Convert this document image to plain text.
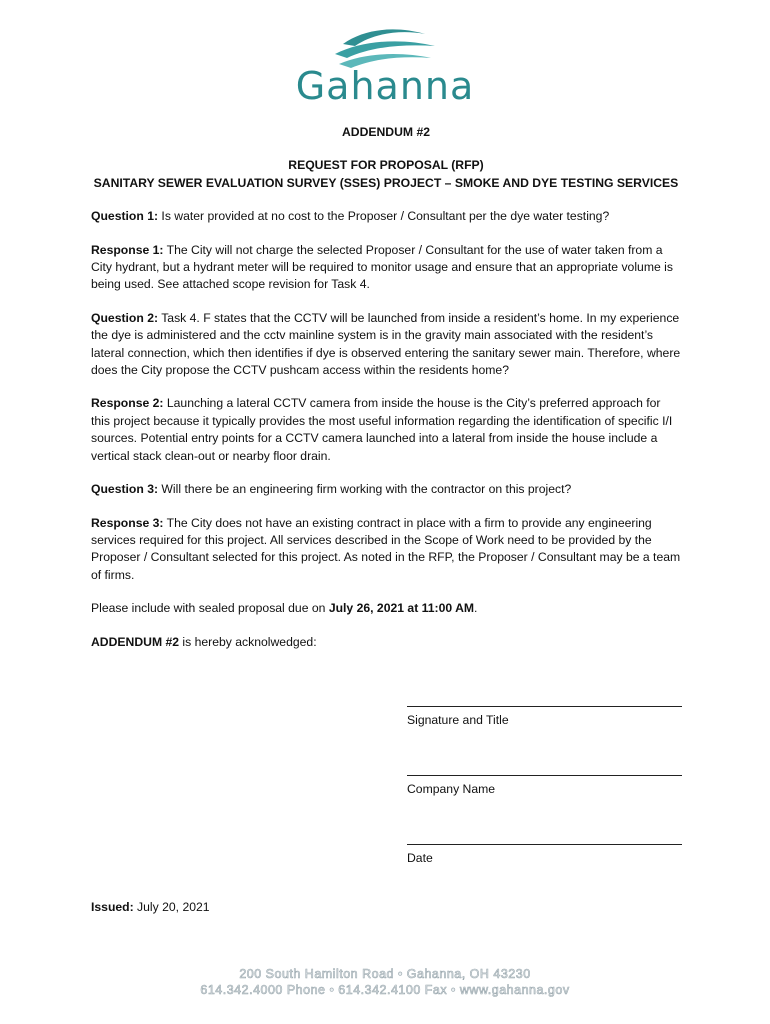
Gahanna

ADDENDUM #2

REQUEST FOR PROPOSAL (RFP)

SANITARY SEWER EVALUATION SURVEY (SSES) PROJECT – SMOKE AND DYE TESTING SERVICES

Question 1: Is water provided at no cost to the Proposer / Consultant per the dye water testing?

Response 1: The City will not charge the selected Proposer / Consultant for the use of water taken from a City hydrant, but a hydrant meter will be required to monitor usage and ensure that an appropriate volume is being used. See attached scope revision for Task 4.

Question 2: Task 4. F states that the CCTV will be launched from inside a resident’s home. In my experience the dye is administered and the cctv mainline system is in the gravity main associated with the resident’s lateral connection, which then identifies if dye is observed entering the sanitary sewer main. Therefore, where does the City propose the CCTV pushcam access within the residents home?

Response 2: Launching a lateral CCTV camera from inside the house is the City’s preferred approach for this project because it typically provides the most useful information regarding the identification of specific I/I sources. Potential entry points for a CCTV camera launched into a lateral from inside the house include a vertical stack clean-out or nearby floor drain.

Question 3: Will there be an engineering firm working with the contractor on this project?

Response 3: The City does not have an existing contract in place with a firm to provide any engineering services required for this project. All services described in the Scope of Work need to be provided by the Proposer / Consultant selected for this project. As noted in the RFP, the Proposer / Consultant may be a team of firms.

Please include with sealed proposal due on July 26, 2021 at 11:00 AM.

ADDENDUM #2 is hereby acknolwedged:

Signature and Title
Company Name
Date
Issued: July 20, 2021
200 South Hamilton Road • Gahanna, OH 43230
614.342.4000 Phone • 614.342.4100 Fax • www.gahanna.gov
